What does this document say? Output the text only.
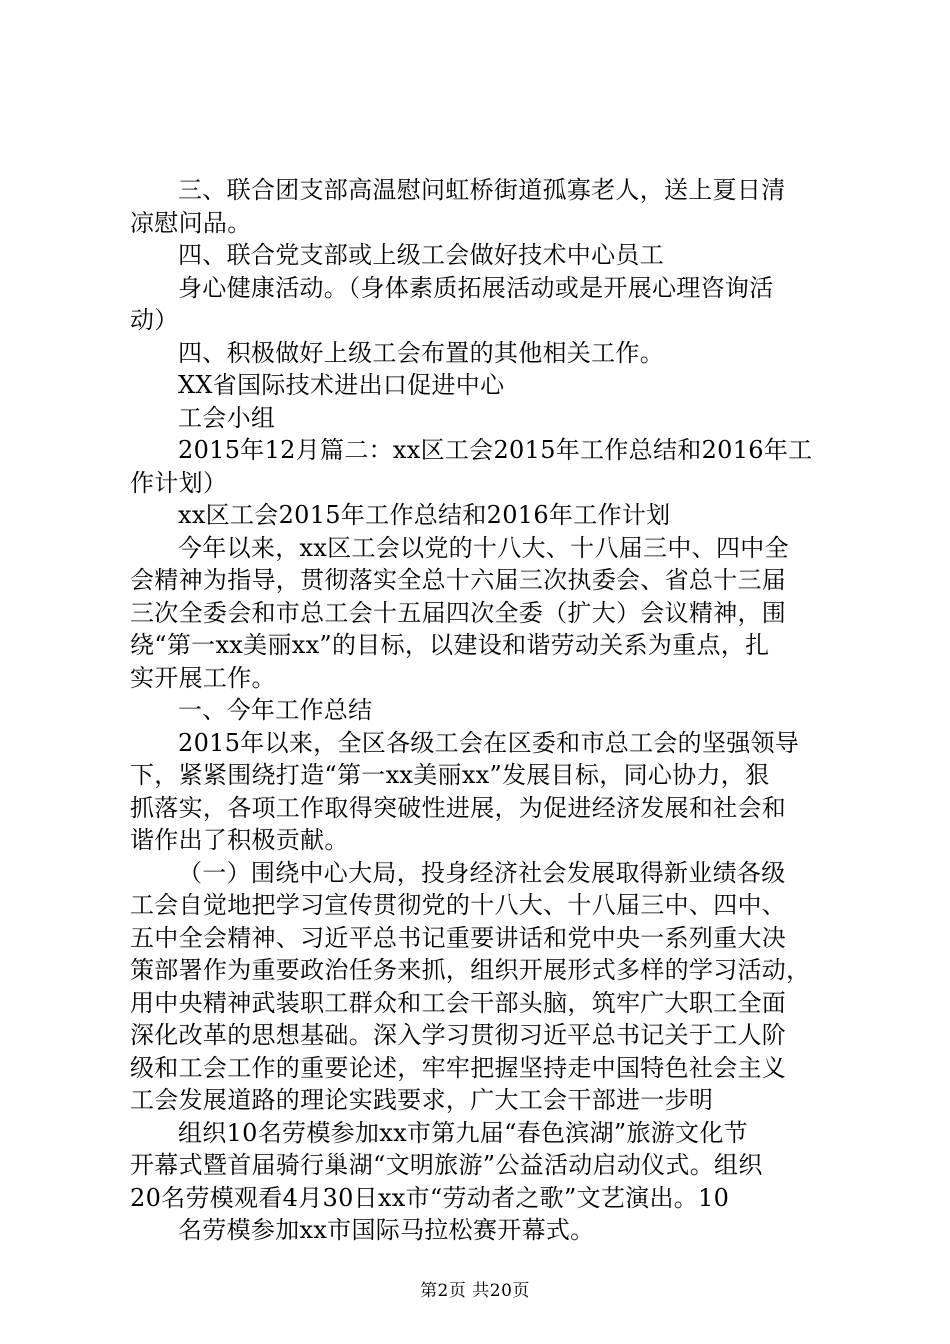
三、联合团支部高温慰问虹桥街道孤寡老人，送上夏日清
凉慰问品。
四、联合党支部或上级工会做好技术中心员工
身心健康活动。（身体素质拓展活动或是开展心理咨询活
动）
四、积极做好上级工会布置的其他相关工作。
XX省国际技术进出口促进中心
工会小组
2015年12月篇二：xx区工会2015年工作总结和2016年工
作计划）
xx区工会2015年工作总结和2016年工作计划
今年以来，xx区工会以党的十八大、十八届三中、四中全
会精神为指导，贯彻落实全总十六届三次执委会、省总十三届
三次全委会和市总工会十五届四次全委（扩大）会议精神，围
绕“第一xx美丽xx”的目标，以建设和谐劳动关系为重点，扎
实开展工作。
一、今年工作总结
2015年以来，全区各级工会在区委和市总工会的坚强领导
下，紧紧围绕打造“第一xx美丽xx”发展目标，同心协力，狠
抓落实，各项工作取得突破性进展，为促进经济发展和社会和
谐作出了积极贡献。
（一）围绕中心大局，投身经济社会发展取得新业绩各级
工会自觉地把学习宣传贯彻党的十八大、十八届三中、四中、
五中全会精神、习近平总书记重要讲话和党中央一系列重大决
策部署作为重要政治任务来抓，组织开展形式多样的学习活动，
用中央精神武装职工群众和工会干部头脑，筑牢广大职工全面
深化改革的思想基础。深入学习贯彻习近平总书记关于工人阶
级和工会工作的重要论述，牢牢把握坚持走中国特色社会主义
工会发展道路的理论实践要求，广大工会干部进一步明
组织10名劳模参加xx市第九届“春色滨湖”旅游文化节
开幕式暨首届骑行巢湖“文明旅游”公益活动启动仪式。组织
20名劳模观看4月30日xx市“劳动者之歌”文艺演出。10
名劳模参加xx市国际马拉松赛开幕式。
第2页 共20页
